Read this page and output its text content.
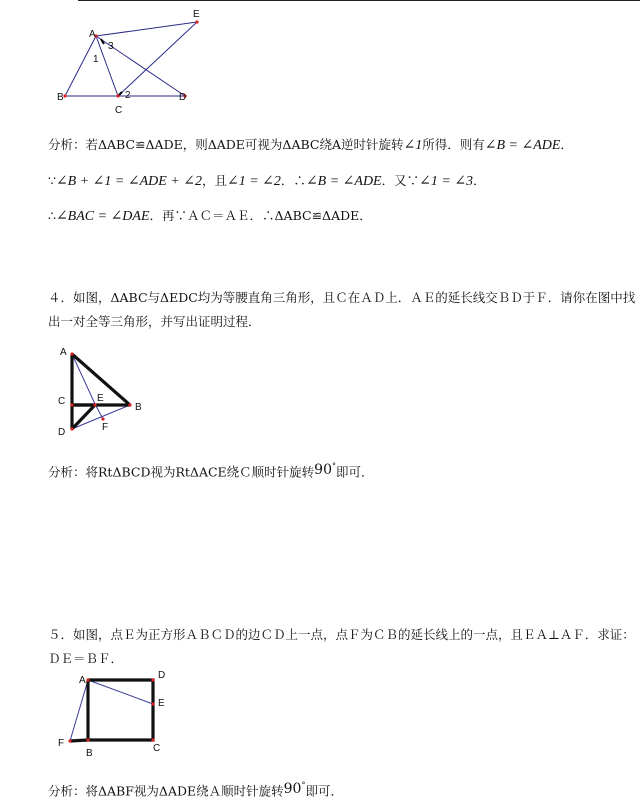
A
B
C
D
E
1
2
3
分析：若ΔABC≌ΔADE，则ΔADE可视为ΔABC绕A逆时针旋转∠1所得．则有∠B = ∠ADE．
∵∠B + ∠1 = ∠ADE + ∠2，且∠1 = ∠2．∴∠B = ∠ADE．又∵∠1 = ∠3．
∴∠BAC = ∠DAE．再∵ＡＣ＝ＡＥ．∴ΔABC≌ΔADE．
４．如图，ΔABC与ΔEDC均为等腰直角三角形，且Ｃ在ＡＤ上．ＡＥ的延长线交ＢＤ于Ｆ．请你在图中找出一对全等三角形，并写出证明过程．
A
C
D
B
E
F
分析：将RtΔBCD视为RtΔACE绕Ｃ顺时针旋转90°即可．
５．如图，点Ｅ为正方形ＡＢＣＤ的边ＣＤ上一点，点Ｆ为ＣＢ的延长线上的一点，且ＥＡ⊥ＡＦ．求证：ＤＥ＝ＢＦ．
A	D
E
C
B
F
分析：将ΔABF视为ΔADE绕Ａ顺时针旋转90°即可．
